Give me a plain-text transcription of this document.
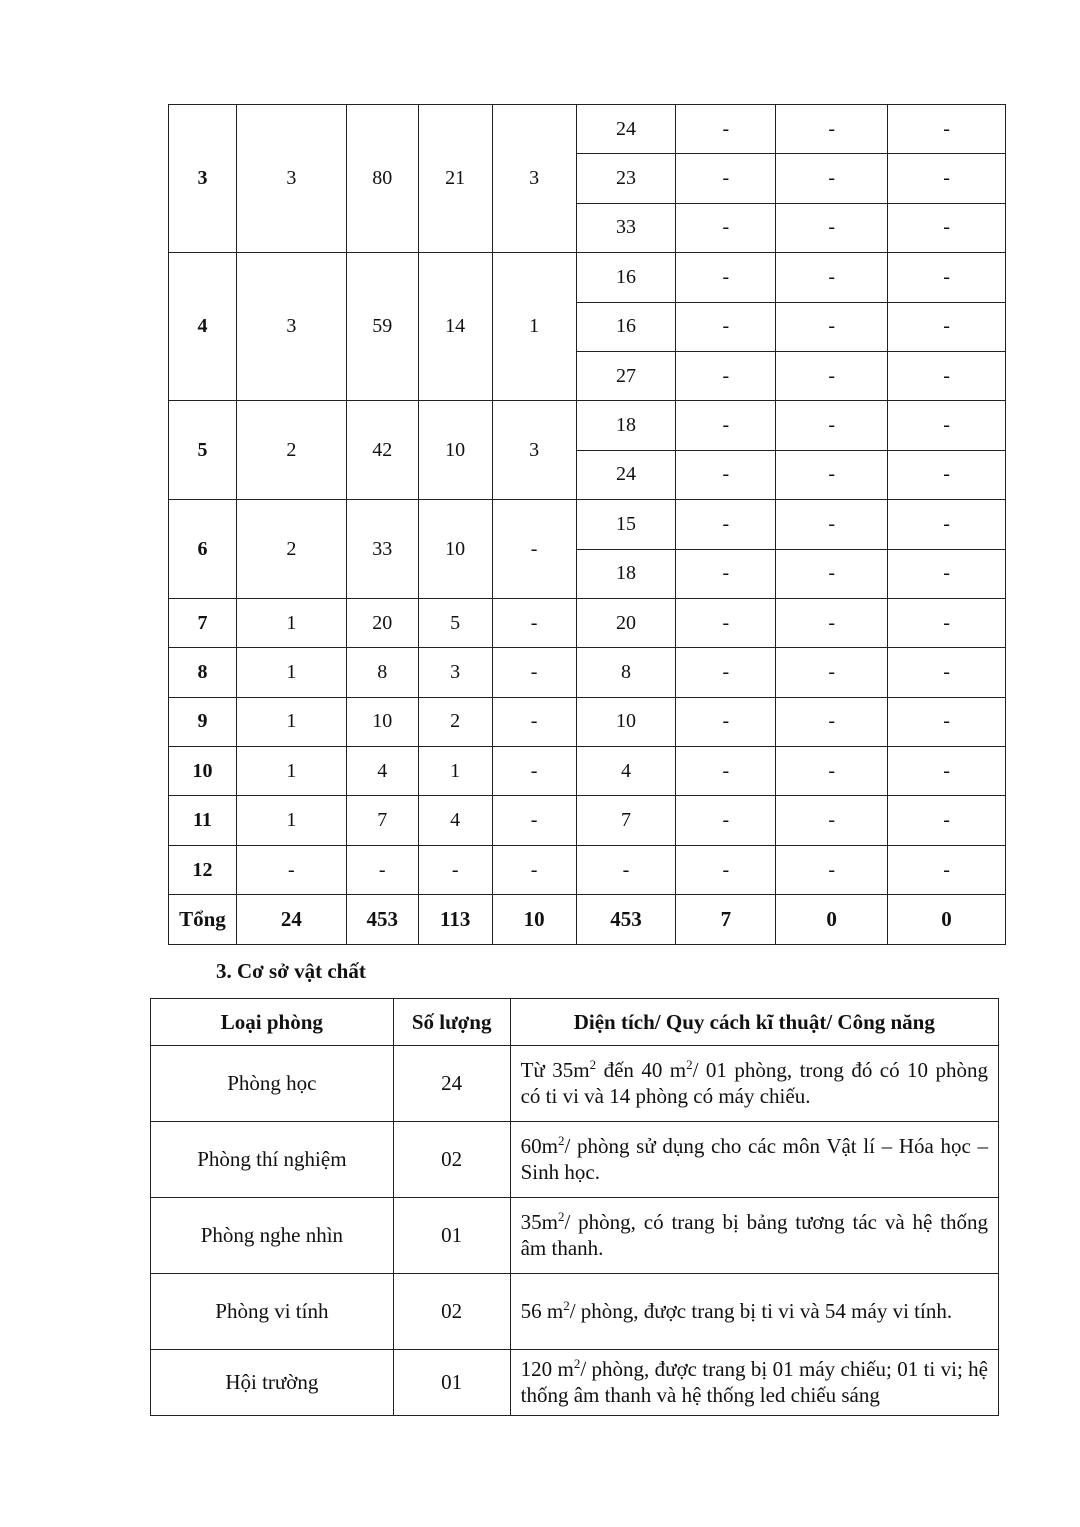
3	3	80	21	3	24	-	-	-
					23	-	-	-
					33	-	-	-
4	3	59	14	1	16	-	-	-
					16	-	-	-
					27	-	-	-
5	2	42	10	3	18	-	-	-
					24	-	-	-
6	2	33	10	-	15	-	-	-
					18	-	-	-
7	1	20	5	-	20	-	-	-
8	1	8	3	-	8	-	-	-
9	1	10	2	-	10	-	-	-
10	1	4	1	-	4	-	-	-
11	1	7	4	-	7	-	-	-
12	-	-	-	-	-	-	-	-
Tổng	24	453	113	10	453	7	0	0
3. Cơ sở vật chất
Loại phòng	Số lượng	Diện tích/ Quy cách kĩ thuật/ Công năng
Phòng học	24	Từ $35m^2$ đến 40 $m^2/$ 01 phòng, trong đó có 10 phòng có ti vi và 14 phòng có máy chiếu.
Phòng thí nghiệm	02	$60m^2/$ phòng sử dụng cho các môn Vật lí – Hóa học – Sinh học.
Phòng nghe nhìn	01	$35m^2/$ phòng, có trang bị bảng tương tác và hệ thống âm thanh.
Phòng vi tính	02	56 $m^2/$ phòng, được trang bị ti vi và 54 máy vi tính.
Hội trường	01	120 $m^2/$ phòng, được trang bị 01 máy chiếu; 01 ti vi; hệ thống âm thanh và hệ thống led chiếu sáng
